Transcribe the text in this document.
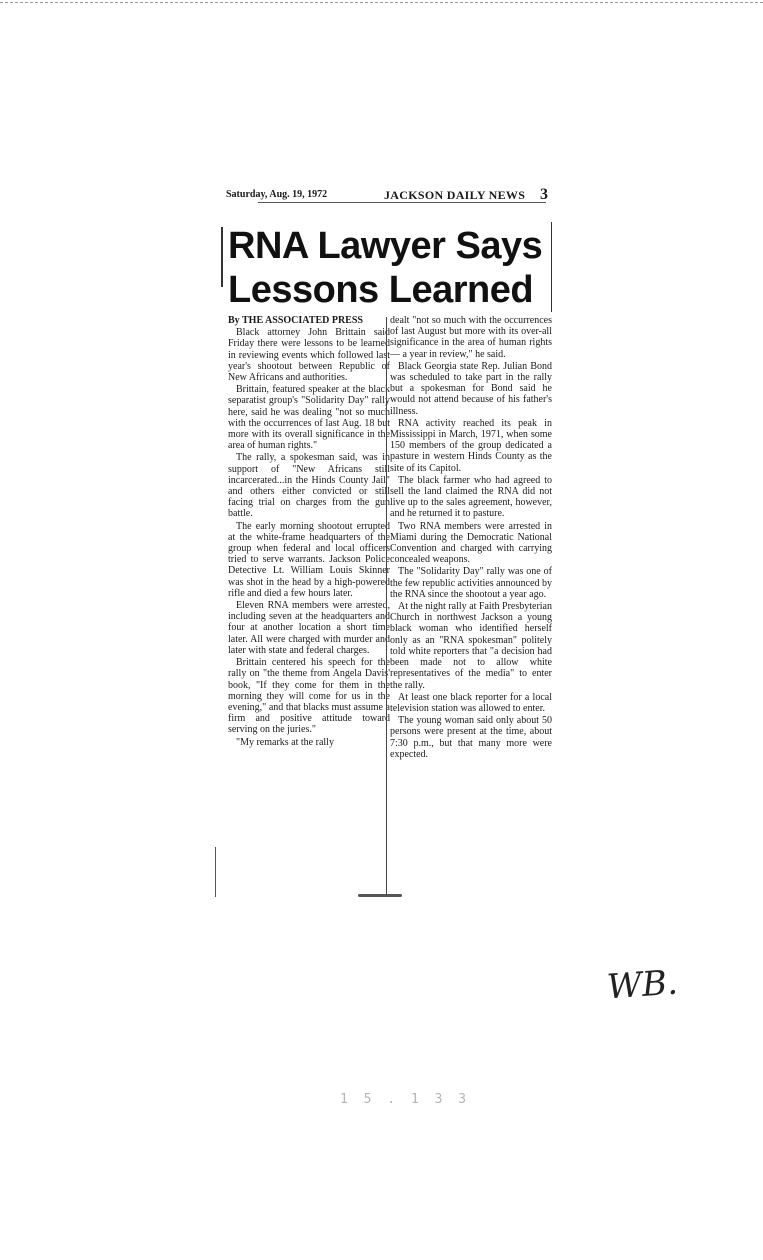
Saturday, Aug. 19, 1972	JACKSON DAILY NEWS 3
RNA Lawyer Says
Lessons Learned

By THE ASSOCIATED PRESS

Black attorney John Brittain said Friday there were lessons to be learned in reviewing events which followed last year's shootout between Republic of New Africans and authorities.

Brittain, featured speaker at the black separatist group's "Solidarity Day" rally here, said he was dealing "not so much with the occurrences of last Aug. 18 but more with its overall significance in the area of human rights."

The rally, a spokesman said, was in support of "New Africans still incarcerated...in the Hinds County Jail" and others either convicted or still facing trial on charges from the gun battle.

The early morning shootout errupted at the white-frame headquarters of the group when federal and local officers tried to serve warrants. Jackson Police Detective Lt. William Louis Skinner was shot in the head by a high-powered rifle and died a few hours later.

Eleven RNA members were arrested, including seven at the headquarters and four at another location a short time later. All were charged with murder and later with state and federal charges.

Brittain centered his speech for the rally on "the theme from Angela Davis' book, "If they come for them in the morning they will come for us in the evening," and that blacks must assume a firm and positive attitude toward serving on the juries."

"My remarks at the rally

dealt "not so much with the occurrences of last August but more with its over-all significance in the area of human rights — a year in review," he said.

Black Georgia state Rep. Julian Bond was scheduled to take part in the rally but a spokesman for Bond said he would not attend because of his father's illness.

RNA activity reached its peak in Mississippi in March, 1971, when some 150 members of the group dedicated a pasture in western Hinds County as the site of its Capitol.

The black farmer who had agreed to sell the land claimed the RNA did not live up to the sales agreement, however, and he returned it to pasture.

Two RNA members were arrested in Miami during the Democratic National Convention and charged with carrying concealed weapons.

The "Solidarity Day" rally was one of the few republic activities announced by the RNA since the shootout a year ago.

At the night rally at Faith Presbyterian Church in northwest Jackson a young black woman who identified herself only as an "RNA spokesman" politely told white reporters that "a decision had been made not to allow white representatives of the media" to enter the rally.

At least one black reporter for a local television station was allowed to enter.

The young woman said only about 50 persons were present at the time, about 7:30 p.m., but that many more were expected.

WB.
1 5 . 1 3 3
